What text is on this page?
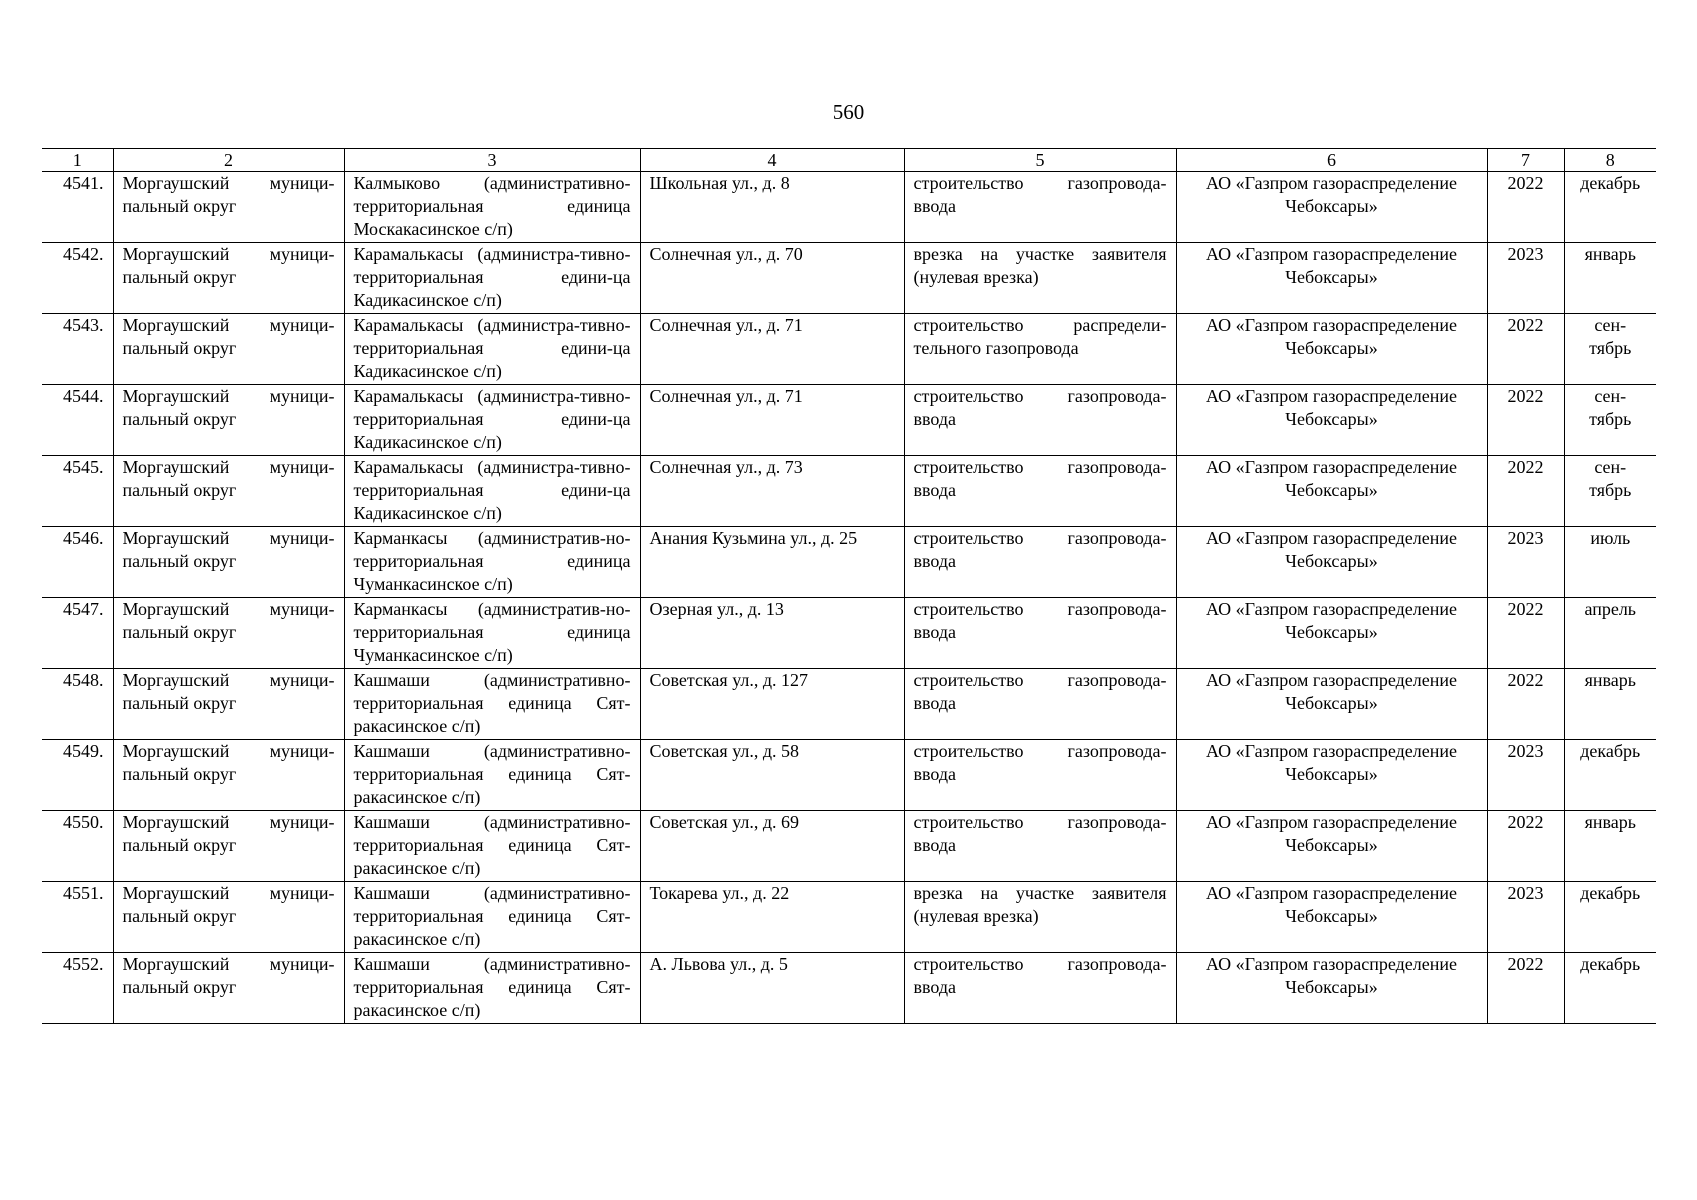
560
1	2	3	4	5	6	7	8
4541.	Моргаушский муници-пальный округ	Калмыково (административно-территориальная единица Москакасинское с/п)	Школьная ул., д. 8	строительство газопровода-ввода	АО «Газпром газораспределение Чебоксары»	2022	декабрь
4542.	Моргаушский муници-пальный округ	Карамалькасы (администра-тивно-территориальная едини-ца Кадикасинское с/п)	Солнечная ул., д. 70	врезка на участке заявителя (нулевая врезка)	АО «Газпром газораспределение Чебоксары»	2023	январь
4543.	Моргаушский муници-пальный округ	Карамалькасы (администра-тивно-территориальная едини-ца Кадикасинское с/п)	Солнечная ул., д. 71	строительство распредели-тельного газопровода	АО «Газпром газораспределение Чебоксары»	2022	сен-тябрь
4544.	Моргаушский муници-пальный округ	Карамалькасы (администра-тивно-территориальная едини-ца Кадикасинское с/п)	Солнечная ул., д. 71	строительство газопровода-ввода	АО «Газпром газораспределение Чебоксары»	2022	сен-тябрь
4545.	Моргаушский муници-пальный округ	Карамалькасы (администра-тивно-территориальная едини-ца Кадикасинское с/п)	Солнечная ул., д. 73	строительство газопровода-ввода	АО «Газпром газораспределение Чебоксары»	2022	сен-тябрь
4546.	Моргаушский муници-пальный округ	Карманкасы (административ-но-территориальная единица Чуманкасинское с/п)	Анания Кузьмина ул., д. 25	строительство газопровода-ввода	АО «Газпром газораспределение Чебоксары»	2023	июль
4547.	Моргаушский муници-пальный округ	Карманкасы (административ-но-территориальная единица Чуманкасинское с/п)	Озерная ул., д. 13	строительство газопровода-ввода	АО «Газпром газораспределение Чебоксары»	2022	апрель
4548.	Моргаушский муници-пальный округ	Кашмаши (административно-территориальная единица Сят-ракасинское с/п)	Советская ул., д. 127	строительство газопровода-ввода	АО «Газпром газораспределение Чебоксары»	2022	январь
4549.	Моргаушский муници-пальный округ	Кашмаши (административно-территориальная единица Сят-ракасинское с/п)	Советская ул., д. 58	строительство газопровода-ввода	АО «Газпром газораспределение Чебоксары»	2023	декабрь
4550.	Моргаушский муници-пальный округ	Кашмаши (административно-территориальная единица Сят-ракасинское с/п)	Советская ул., д. 69	строительство газопровода-ввода	АО «Газпром газораспределение Чебоксары»	2022	январь
4551.	Моргаушский муници-пальный округ	Кашмаши (административно-территориальная единица Сят-ракасинское с/п)	Токарева ул., д. 22	врезка на участке заявителя (нулевая врезка)	АО «Газпром газораспределение Чебоксары»	2023	декабрь
4552.	Моргаушский муници-пальный округ	Кашмаши (административно-территориальная единица Сят-ракасинское с/п)	А. Львова ул., д. 5	строительство газопровода-ввода	АО «Газпром газораспределение Чебоксары»	2022	декабрь
